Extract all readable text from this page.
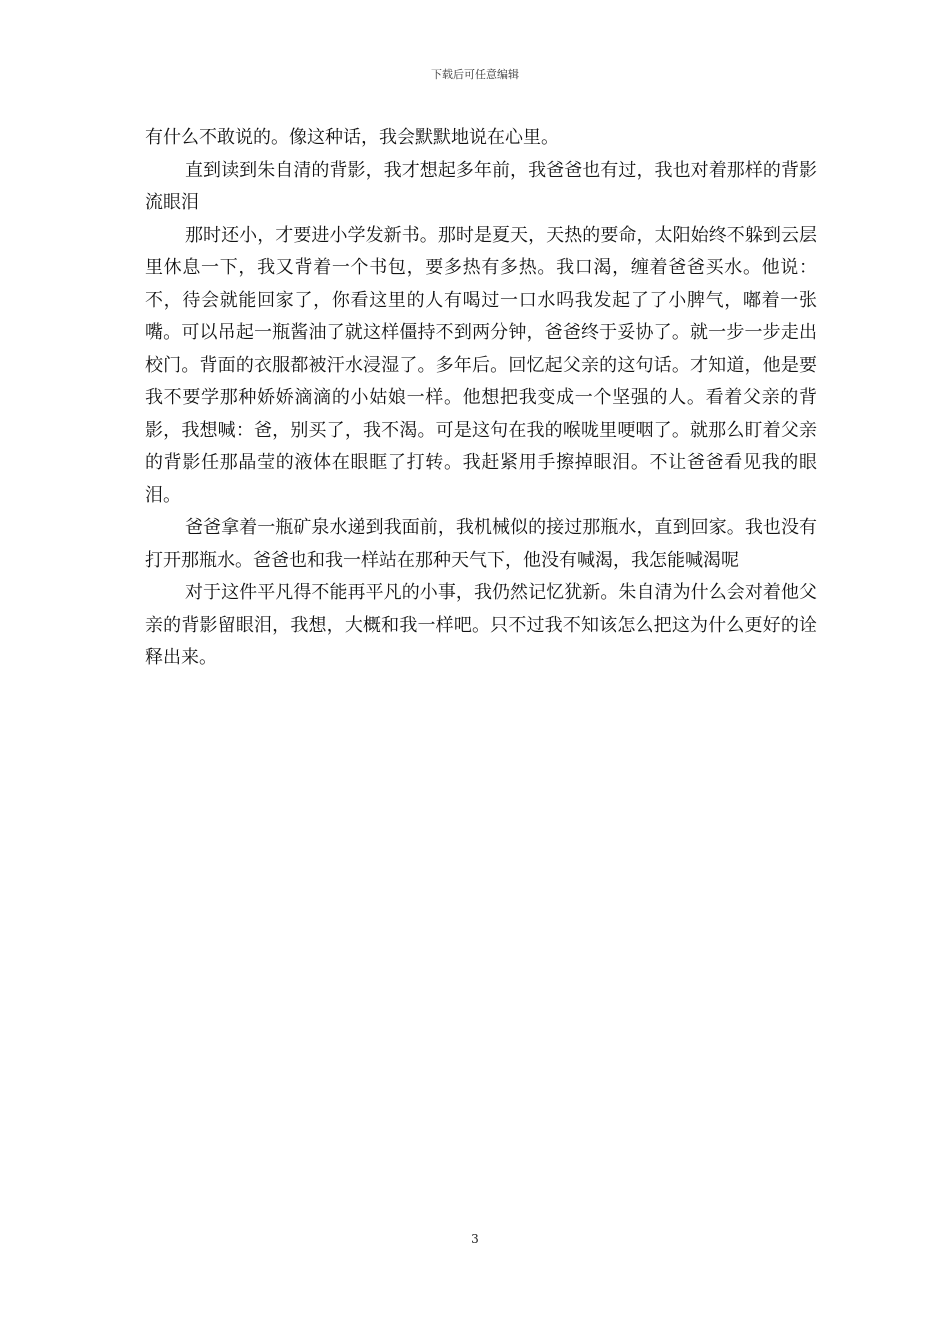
下载后可任意编辑

有什么不敢说的。像这种话，我会默默地说在心里。

直到读到朱自清的背影，我才想起多年前，我爸爸也有过，我也对着那样的背影流眼泪

那时还小，才要进小学发新书。那时是夏天，天热的要命，太阳始终不躲到云层里休息一下，我又背着一个书包，要多热有多热。我口渴，缠着爸爸买水。他说：不，待会就能回家了，你看这里的人有喝过一口水吗我发起了了小脾气，嘟着一张嘴。可以吊起一瓶酱油了就这样僵持不到两分钟，爸爸终于妥协了。就一步一步走出校门。背面的衣服都被汗水浸湿了。多年后。回忆起父亲的这句话。才知道，他是要我不要学那种娇娇滴滴的小姑娘一样。他想把我变成一个坚强的人。看着父亲的背影，我想喊：爸，别买了，我不渴。可是这句在我的喉咙里哽咽了。就那么盯着父亲的背影任那晶莹的液体在眼眶了打转。我赶紧用手擦掉眼泪。不让爸爸看见我的眼泪。

爸爸拿着一瓶矿泉水递到我面前，我机械似的接过那瓶水，直到回家。我也没有打开那瓶水。爸爸也和我一样站在那种天气下，他没有喊渴，我怎能喊渴呢

对于这件平凡得不能再平凡的小事，我仍然记忆犹新。朱自清为什么会对着他父亲的背影留眼泪，我想，大概和我一样吧。只不过我不知该怎么把这为什么更好的诠释出来。

3
